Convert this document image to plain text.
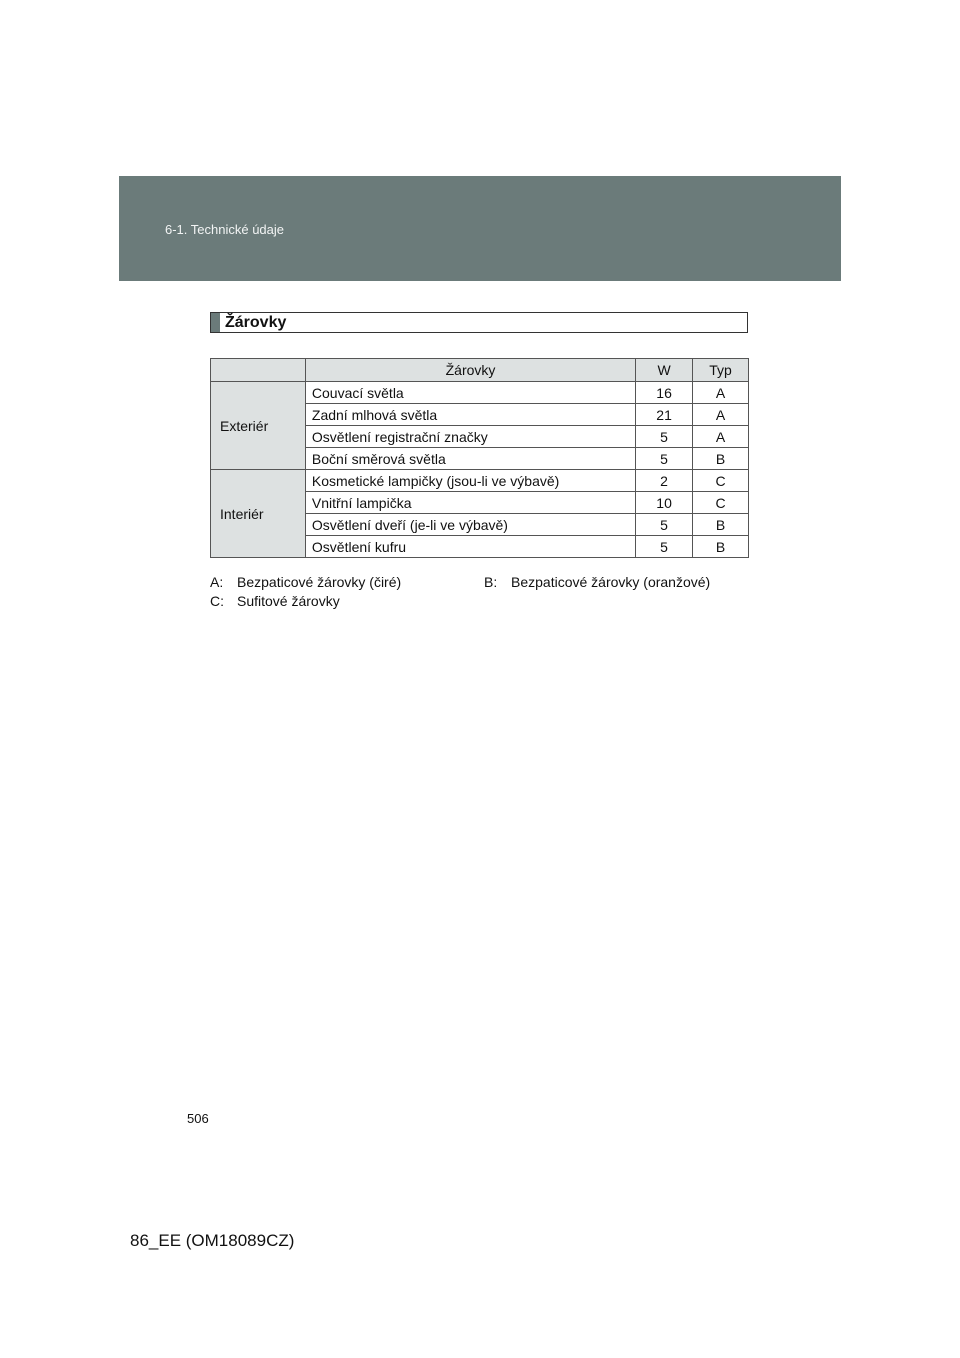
6-1. Technické údaje
Žárovky
	Žárovky	W	Typ
Exteriér	Couvací světla	16	A
	Zadní mlhová světla	21	A
	Osvětlení registrační značky	5	A
	Boční směrová světla	5	B
Interiér	Kosmetické lampičky (jsou-li ve výbavě)	2	C
	Vnitřní lampička	10	C
	Osvětlení dveří (je-li ve výbavě)	5	B
	Osvětlení kufru	5	B
A: Bezpaticové žárovky (čiré)	B: Bezpaticové žárovky (oranžové)
C: Sufitové žárovky
506
86_EE (OM18089CZ)
